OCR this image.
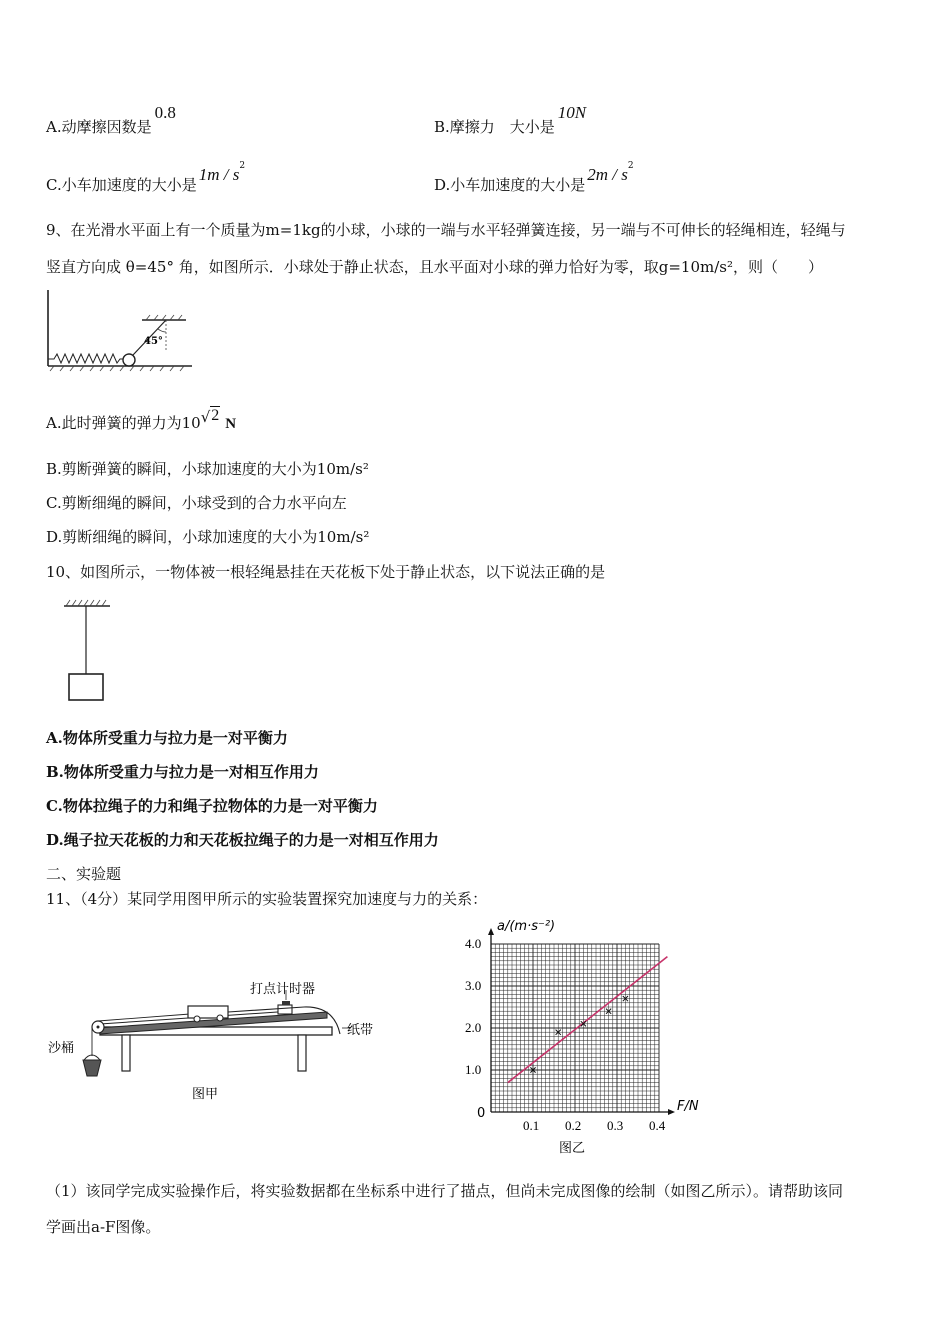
A.动摩擦因数是0.8
B.摩擦力　大小是10N
C.小车加速度的大小是$1m / s^2$
D.小车加速度的大小是$2m / s^2$
9、在光滑水平面上有一个质量为m=1kg的小球，小球的一端与水平轻弹簧连接，另一端与不可伸长的轻绳相连，轻绳与
竖直方向成 θ=45° 角，如图所示．小球处于静止状态，且水平面对小球的弹力恰好为零，取g=10m/s²，则（　　）
45°
A.此时弹簧的弹力为10√2 N
B.剪断弹簧的瞬间，小球加速度的大小为10m/s²
C.剪断细绳的瞬间，小球受到的合力水平向左
D.剪断细绳的瞬间，小球加速度的大小为10m/s²
10、如图所示，一物体被一根轻绳悬挂在天花板下处于静止状态，以下说法正确的是
A.物体所受重力与拉力是一对平衡力
B.物体所受重力与拉力是一对相互作用力
C.物体拉绳子的力和绳子拉物体的力是一对平衡力
D.绳子拉天花板的力和天花板拉绳子的力是一对相互作用力
二、实验题
11、（4分）某同学用图甲所示的实验装置探究加速度与力的关系：
打点计时器
纸带
沙桶
图甲
0.1 0.2 0.3 0.4
1.0
2.0
3.0
4.0
a/(m·s⁻²)
F/N
0
图乙
（1）该同学完成实验操作后，将实验数据都在坐标系中进行了描点，但尚未完成图像的绘制（如图乙所示）。请帮助该同
学画出a-F图像。
